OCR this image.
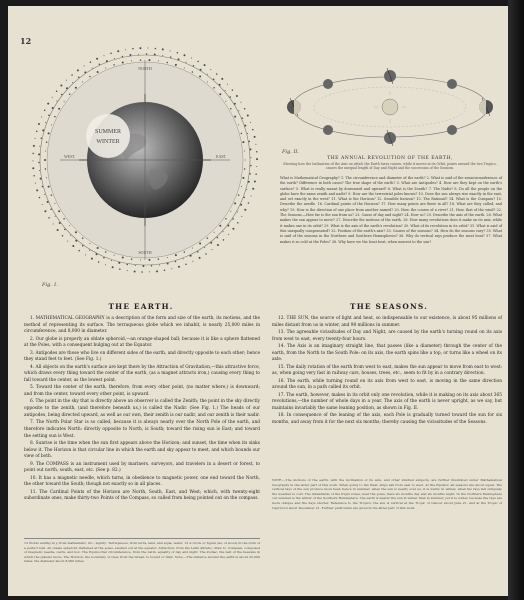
12
SUMMER
WINTER
NORTH
SOUTH
WEST	EAST
Fig. 1.
Fig. II.
THE ANNUAL REVOLUTION OF THE EARTH,
Showing how the Inclination of the Axis on which the Earth turns causes, while it moves in its Orbit, points around the two Tropics, causes the unequal length of Day and Night and the succession of the Seasons.
What is Mathematical Geography? 1. The circumference and diameter of the earth? 2. What is said of the semicircumference of the earth? Difference in both cases? The true shape of the earth? 3. What are Antipodes? 4. How are they kept on the earth's surface? 5. What is really meant by downward and upward? 6. What is the Zenith? 7. The Nadir? 8. Do all the people on the globe have the same zenith and nadir? 9. How are the terrestrial poles known? 10. Does the sun always rise exactly in the east, and set exactly in the west? 11. What is the Horizon? 12. Sensible horizon? 13. The Rational? 14. What is the Compass? 15. Describe the needle. 16. Cardinal points of the Horizon? 17. How many points are there in all? 18. What are they called, and why? 19. How is the direction of one place from another named? 20. How, the course of a river? 21. How, that of the wind? 22. The Seasons.—How far is the sun from us? 23. Cause of day and night? 24. How so? 25. Describe the axis of the earth. 26. What makes the sun appear to move? 27. Describe the motions of the earth. 28. How many revolutions does it make on its axis, while it makes one in its orbit? 29. What is the axis of the earth's revolution? 30. What of its revolution in its orbit? 31. What is said of this unequally compensated? 32. Position of the earth's axis? 33. Causes of the seasons? 34. How do the seasons vary? 35. What is said of the seasons in the Northern and Southern Hemispheres? 36. Why do vertical rays produce the most heat? 37. What makes it so cold at the Poles? 38. Why have we the least heat, when nearest to the sun?
THE EARTH.	THE SEASONS.

1. MATHEMATICAL GEOGRAPHY is a description of the form and size of the earth, its motions, and the method of representing its surface. The terraqueous globe which we inhabit, is nearly 25,000 miles in circumference, and 8,000 in diameter.

2. Our globe is properly an oblate spheroid,—an orange-shaped ball; because it is like a sphere flattened at the Poles, with a consequent bulging out at the Equator.

3. Antipodes are those who live on different sides of the earth, and directly opposite to each other; hence they stand feet to feet. (See Fig. 1.)

4. All objects on the earth's surface are kept there by the Attraction of Gravitation,—this attractive force, which draws every thing toward the center of the earth, (as a magnet attracts iron,) causing every thing to fall toward the center, as the lowest point.

5. Toward the center of the earth, therefore, from every other point, (no matter where,) is downward; and from the center, toward every other point, is upward.

6. The point in the sky that is directly above an observer is called the Zenith; the point in the sky directly opposite to the zenith, (and therefore beneath us,) is called the Nadir. (See Fig. 1.) The heads of our antipodes, being directed upward, as well as our own, their zenith is our nadir, and our zenith is their nadir.

7. The North Polar Star is so called, because it is always nearly over the North Pole of the earth, and therefore indicates North: directly opposite to North, is South; toward the rising sun is East; and toward the setting sun is West.

8. Sunrise is the time when the sun first appears above the Horizon; and sunset, the time when its sinks below it. The Horizon is that circular line in which the earth and sky appear to meet, and which bounds our view of both.

9. The COMPASS is an instrument used by mariners, surveyors, and travelers in a desert or forest, to point out north, south, east, etc. (See p. 82.)

10. It has a magnetic needle, which turns, in obedience to magnetic power, one end toward the North, the other toward the South; though not exactly so in all places.

11. The Cardinal Points of the Horizon are North, South, East, and West; which, with twenty-eight subordinate ones, make thirty-two Points of the Compass, so called from being pointed out on the compass.

12 Words ending in y, from mathematic, &c., signify: Terraqueous, from terra, land, and aqua, water. 13 A circle or figure (as: of wood) in the form of a perfect ball. An oblate spheroid, flattened at the poles, swelled out at the equator. Attraction, from the Latin attraho, draw to. Compass, composed of magnetic needle, cards, and box. The Equinoctial circumference, from the Latin, equality of day and night. The Zodiac, the belt of the heavens in which the planets move. The Horizon, the boundary of view, from the Greek, to bound or limit. Note.—The distance around the earth is about 25,000 miles, the diameter about 8,000 miles.

12. THE SUN, the source of light and heat, so indispensable to our existence, is about 95 millions of miles distant from us in winter, and 98 millions in summer.

13. The agreeable vicissitudes of Day and Night, are caused by the earth's turning round on its axis from west to east, every twenty-four hours.

14. The Axis is an imaginary straight line, that passes (like a diameter) through the center of the earth, from the North to the South Pole: on its axis, the earth spins like a top, or turns like a wheel on its axle.

15. The daily rotation of the earth from west to east, makes the sun appear to move from east to west: as, when going very fast in railway cars, houses, trees, etc., seem to fit by in a contrary direction.

16. The earth, while turning round on its axis from west to east, is moving in the same direction around the sun, in a path called its orbit.

17. The earth, however, makes in its orbit only one revolution, while it is making on its axis about 365 revolutions,—the number of whole days in a year. The axis of the earth is never upright, as we say, but maintains invariably the same leaning position, as shown in Fig. II.

18. In consequence of the leaning of the axis, each Pole is gradually turned toward the sun for six months, and away from it for the next six months; thereby causing the vicissitudes of the Seasons.

NOTE.—The motions of the earth, with the inclination of its axis, and other kindred subjects, are further illustrated under Mathematical Geography in the latter part of this work. When going to the West, ships sail from east to west. At the Equator, all seasons are about equal. The vertical rays of the sun produce most heat; hence in summer, when the sun is nearly over us, it is warm; in winter, when his rays fall obliquely, the weather is cold. The inhabitants of the frigid zones, near the poles, have six months day and six months night. In the Northern Hemisphere our summer is the winter of the Southern Hemisphere. The earth is nearer the sun in winter than in summer, yet it is colder, because the rays are more oblique and the days shorter. Reference to the Tropics: the sun is vertical at the Tropic of Cancer about June 21, and at the Tropic of Capricorn about December 21. Further particulars are given in the latter part of this work.
